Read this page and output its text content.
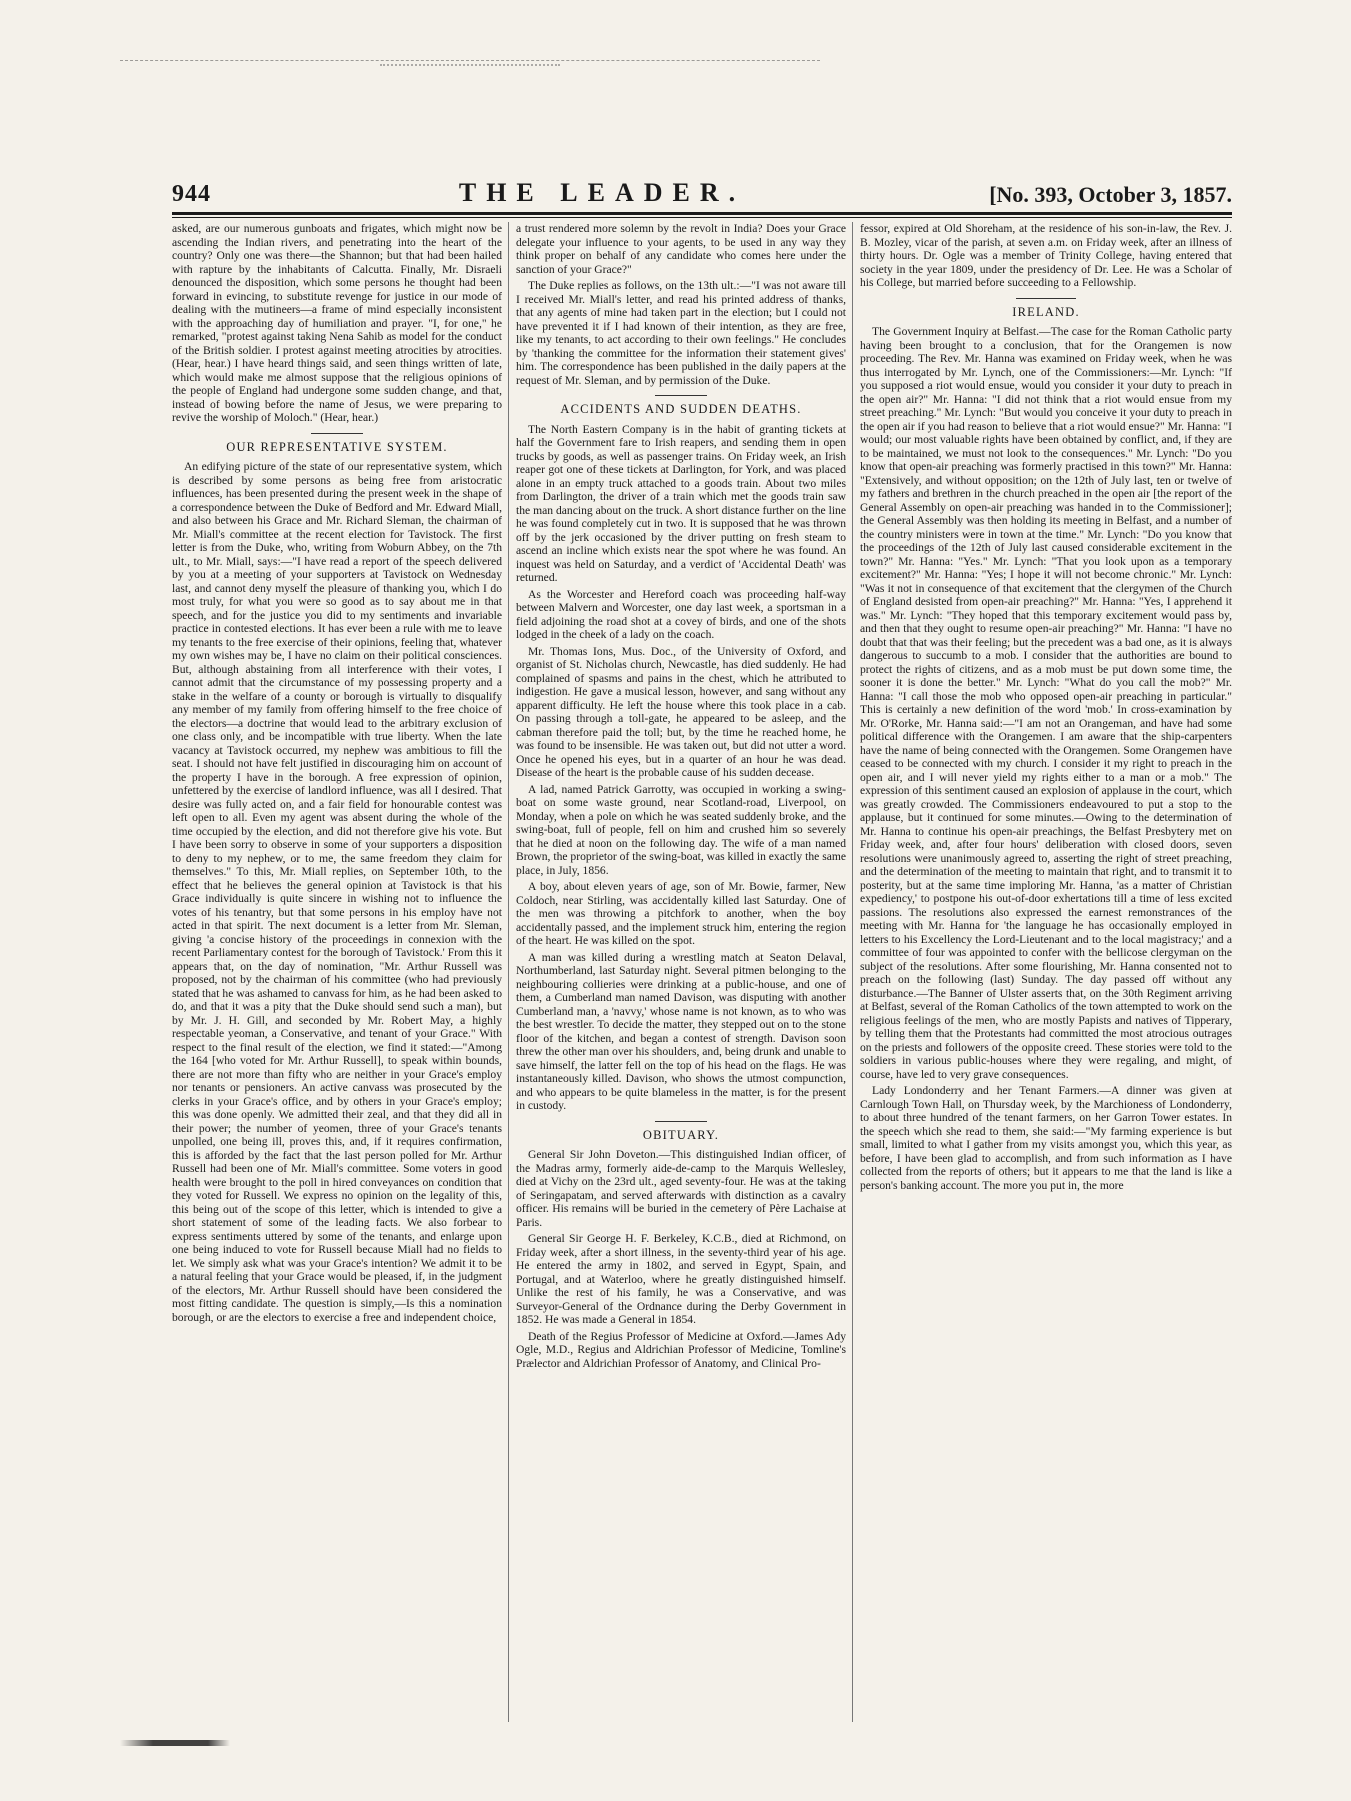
944	THE LEADER.	[No. 393, October 3, 1857.

asked, are our numerous gunboats and frigates, which might now be ascending the Indian rivers, and penetrating into the heart of the country? Only one was there—the Shannon; but that had been hailed with rapture by the inhabitants of Calcutta. Finally, Mr. Disraeli denounced the disposition, which some persons he thought had been forward in evincing, to substitute revenge for justice in our mode of dealing with the mutineers—a frame of mind especially inconsistent with the approaching day of humiliation and prayer. "I, for one," he remarked, "protest against taking Nena Sahib as model for the conduct of the British soldier. I protest against meeting atrocities by atrocities. (Hear, hear.) I have heard things said, and seen things written of late, which would make me almost suppose that the religious opinions of the people of England had undergone some sudden change, and that, instead of bowing before the name of Jesus, we were preparing to revive the worship of Moloch." (Hear, hear.)

OUR REPRESENTATIVE SYSTEM.

An edifying picture of the state of our representative system, which is described by some persons as being free from aristocratic influences, has been presented during the present week in the shape of a correspondence between the Duke of Bedford and Mr. Edward Miall, and also between his Grace and Mr. Richard Sleman, the chairman of Mr. Miall's committee at the recent election for Tavistock. The first letter is from the Duke, who, writing from Woburn Abbey, on the 7th ult., to Mr. Miall, says:—"I have read a report of the speech delivered by you at a meeting of your supporters at Tavistock on Wednesday last, and cannot deny myself the pleasure of thanking you, which I do most truly, for what you were so good as to say about me in that speech, and for the justice you did to my sentiments and invariable practice in contested elections. It has ever been a rule with me to leave my tenants to the free exercise of their opinions, feeling that, whatever my own wishes may be, I have no claim on their political consciences. But, although abstaining from all interference with their votes, I cannot admit that the circumstance of my possessing property and a stake in the welfare of a county or borough is virtually to disqualify any member of my family from offering himself to the free choice of the electors—a doctrine that would lead to the arbitrary exclusion of one class only, and be incompatible with true liberty. When the late vacancy at Tavistock occurred, my nephew was ambitious to fill the seat. I should not have felt justified in discouraging him on account of the property I have in the borough. A free expression of opinion, unfettered by the exercise of landlord influence, was all I desired. That desire was fully acted on, and a fair field for honourable contest was left open to all. Even my agent was absent during the whole of the time occupied by the election, and did not therefore give his vote. But I have been sorry to observe in some of your supporters a disposition to deny to my nephew, or to me, the same freedom they claim for themselves." To this, Mr. Miall replies, on September 10th, to the effect that he believes the general opinion at Tavistock is that his Grace individually is quite sincere in wishing not to influence the votes of his tenantry, but that some persons in his employ have not acted in that spirit. The next document is a letter from Mr. Sleman, giving 'a concise history of the proceedings in connexion with the recent Parliamentary contest for the borough of Tavistock.' From this it appears that, on the day of nomination, "Mr. Arthur Russell was proposed, not by the chairman of his committee (who had previously stated that he was ashamed to canvass for him, as he had been asked to do, and that it was a pity that the Duke should send such a man), but by Mr. J. H. Gill, and seconded by Mr. Robert May, a highly respectable yeoman, a Conservative, and tenant of your Grace." With respect to the final result of the election, we find it stated:—"Among the 164 [who voted for Mr. Arthur Russell], to speak within bounds, there are not more than fifty who are neither in your Grace's employ nor tenants or pensioners. An active canvass was prosecuted by the clerks in your Grace's office, and by others in your Grace's employ; this was done openly. We admitted their zeal, and that they did all in their power; the number of yeomen, three of your Grace's tenants unpolled, one being ill, proves this, and, if it requires confirmation, this is afforded by the fact that the last person polled for Mr. Arthur Russell had been one of Mr. Miall's committee. Some voters in good health were brought to the poll in hired conveyances on condition that they voted for Russell. We express no opinion on the legality of this, this being out of the scope of this letter, which is intended to give a short statement of some of the leading facts. We also forbear to express sentiments uttered by some of the tenants, and enlarge upon one being induced to vote for Russell because Miall had no fields to let. We simply ask what was your Grace's intention? We admit it to be a natural feeling that your Grace would be pleased, if, in the judgment of the electors, Mr. Arthur Russell should have been considered the most fitting candidate. The question is simply,—Is this a nomination borough, or are the electors to exercise a free and independent choice,

a trust rendered more solemn by the revolt in India? Does your Grace delegate your influence to your agents, to be used in any way they think proper on behalf of any candidate who comes here under the sanction of your Grace?"

The Duke replies as follows, on the 13th ult.:—"I was not aware till I received Mr. Miall's letter, and read his printed address of thanks, that any agents of mine had taken part in the election; but I could not have prevented it if I had known of their intention, as they are free, like my tenants, to act according to their own feelings." He concludes by 'thanking the committee for the information their statement gives' him. The correspondence has been published in the daily papers at the request of Mr. Sleman, and by permission of the Duke.

ACCIDENTS AND SUDDEN DEATHS.

The North Eastern Company is in the habit of granting tickets at half the Government fare to Irish reapers, and sending them in open trucks by goods, as well as passenger trains. On Friday week, an Irish reaper got one of these tickets at Darlington, for York, and was placed alone in an empty truck attached to a goods train. About two miles from Darlington, the driver of a train which met the goods train saw the man dancing about on the truck. A short distance further on the line he was found completely cut in two. It is supposed that he was thrown off by the jerk occasioned by the driver putting on fresh steam to ascend an incline which exists near the spot where he was found. An inquest was held on Saturday, and a verdict of 'Accidental Death' was returned.

As the Worcester and Hereford coach was proceeding half-way between Malvern and Worcester, one day last week, a sportsman in a field adjoining the road shot at a covey of birds, and one of the shots lodged in the cheek of a lady on the coach.

Mr. Thomas Ions, Mus. Doc., of the University of Oxford, and organist of St. Nicholas church, Newcastle, has died suddenly. He had complained of spasms and pains in the chest, which he attributed to indigestion. He gave a musical lesson, however, and sang without any apparent difficulty. He left the house where this took place in a cab. On passing through a toll-gate, he appeared to be asleep, and the cabman therefore paid the toll; but, by the time he reached home, he was found to be insensible. He was taken out, but did not utter a word. Once he opened his eyes, but in a quarter of an hour he was dead. Disease of the heart is the probable cause of his sudden decease.

A lad, named Patrick Garrotty, was occupied in working a swing-boat on some waste ground, near Scotland-road, Liverpool, on Monday, when a pole on which he was seated suddenly broke, and the swing-boat, full of people, fell on him and crushed him so severely that he died at noon on the following day. The wife of a man named Brown, the proprietor of the swing-boat, was killed in exactly the same place, in July, 1856.

A boy, about eleven years of age, son of Mr. Bowie, farmer, New Coldoch, near Stirling, was accidentally killed last Saturday. One of the men was throwing a pitchfork to another, when the boy accidentally passed, and the implement struck him, entering the region of the heart. He was killed on the spot.

A man was killed during a wrestling match at Seaton Delaval, Northumberland, last Saturday night. Several pitmen belonging to the neighbouring collieries were drinking at a public-house, and one of them, a Cumberland man named Davison, was disputing with another Cumberland man, a 'navvy,' whose name is not known, as to who was the best wrestler. To decide the matter, they stepped out on to the stone floor of the kitchen, and began a contest of strength. Davison soon threw the other man over his shoulders, and, being drunk and unable to save himself, the latter fell on the top of his head on the flags. He was instantaneously killed. Davison, who shows the utmost compunction, and who appears to be quite blameless in the matter, is for the present in custody.

OBITUARY.

General Sir John Doveton.—This distinguished Indian officer, of the Madras army, formerly aide-de-camp to the Marquis Wellesley, died at Vichy on the 23rd ult., aged seventy-four. He was at the taking of Seringapatam, and served afterwards with distinction as a cavalry officer. His remains will be buried in the cemetery of Père Lachaise at Paris.

General Sir George H. F. Berkeley, K.C.B., died at Richmond, on Friday week, after a short illness, in the seventy-third year of his age. He entered the army in 1802, and served in Egypt, Spain, and Portugal, and at Waterloo, where he greatly distinguished himself. Unlike the rest of his family, he was a Conservative, and was Surveyor-General of the Ordnance during the Derby Government in 1852. He was made a General in 1854.

Death of the Regius Professor of Medicine at Oxford.—James Ady Ogle, M.D., Regius and Aldrichian Professor of Medicine, Tomline's Prælector and Aldrichian Professor of Anatomy, and Clinical Pro-

fessor, expired at Old Shoreham, at the residence of his son-in-law, the Rev. J. B. Mozley, vicar of the parish, at seven a.m. on Friday week, after an illness of thirty hours. Dr. Ogle was a member of Trinity College, having entered that society in the year 1809, under the presidency of Dr. Lee. He was a Scholar of his College, but married before succeeding to a Fellowship.

IRELAND.

The Government Inquiry at Belfast.—The case for the Roman Catholic party having been brought to a conclusion, that for the Orangemen is now proceeding. The Rev. Mr. Hanna was examined on Friday week, when he was thus interrogated by Mr. Lynch, one of the Commissioners:—Mr. Lynch: "If you supposed a riot would ensue, would you consider it your duty to preach in the open air?" Mr. Hanna: "I did not think that a riot would ensue from my street preaching." Mr. Lynch: "But would you conceive it your duty to preach in the open air if you had reason to believe that a riot would ensue?" Mr. Hanna: "I would; our most valuable rights have been obtained by conflict, and, if they are to be maintained, we must not look to the consequences." Mr. Lynch: "Do you know that open-air preaching was formerly practised in this town?" Mr. Hanna: "Extensively, and without opposition; on the 12th of July last, ten or twelve of my fathers and brethren in the church preached in the open air [the report of the General Assembly on open-air preaching was handed in to the Commissioner]; the General Assembly was then holding its meeting in Belfast, and a number of the country ministers were in town at the time." Mr. Lynch: "Do you know that the proceedings of the 12th of July last caused considerable excitement in the town?" Mr. Hanna: "Yes." Mr. Lynch: "That you look upon as a temporary excitement?" Mr. Hanna: "Yes; I hope it will not become chronic." Mr. Lynch: "Was it not in consequence of that excitement that the clergymen of the Church of England desisted from open-air preaching?" Mr. Hanna: "Yes, I apprehend it was." Mr. Lynch: "They hoped that this temporary excitement would pass by, and then that they ought to resume open-air preaching?" Mr. Hanna: "I have no doubt that that was their feeling; but the precedent was a bad one, as it is always dangerous to succumb to a mob. I consider that the authorities are bound to protect the rights of citizens, and as a mob must be put down some time, the sooner it is done the better." Mr. Lynch: "What do you call the mob?" Mr. Hanna: "I call those the mob who opposed open-air preaching in particular." This is certainly a new definition of the word 'mob.' In cross-examination by Mr. O'Rorke, Mr. Hanna said:—"I am not an Orangeman, and have had some political difference with the Orangemen. I am aware that the ship-carpenters have the name of being connected with the Orangemen. Some Orangemen have ceased to be connected with my church. I consider it my right to preach in the open air, and I will never yield my rights either to a man or a mob." The expression of this sentiment caused an explosion of applause in the court, which was greatly crowded. The Commissioners endeavoured to put a stop to the applause, but it continued for some minutes.—Owing to the determination of Mr. Hanna to continue his open-air preachings, the Belfast Presbytery met on Friday week, and, after four hours' deliberation with closed doors, seven resolutions were unanimously agreed to, asserting the right of street preaching, and the determination of the meeting to maintain that right, and to transmit it to posterity, but at the same time imploring Mr. Hanna, 'as a matter of Christian expediency,' to postpone his out-of-door exhertations till a time of less excited passions. The resolutions also expressed the earnest remonstrances of the meeting with Mr. Hanna for 'the language he has occasionally employed in letters to his Excellency the Lord-Lieutenant and to the local magistracy;' and a committee of four was appointed to confer with the bellicose clergyman on the subject of the resolutions. After some flourishing, Mr. Hanna consented not to preach on the following (last) Sunday. The day passed off without any disturbance.—The Banner of Ulster asserts that, on the 30th Regiment arriving at Belfast, several of the Roman Catholics of the town attempted to work on the religious feelings of the men, who are mostly Papists and natives of Tipperary, by telling them that the Protestants had committed the most atrocious outrages on the priests and followers of the opposite creed. These stories were told to the soldiers in various public-houses where they were regaling, and might, of course, have led to very grave consequences.

Lady Londonderry and her Tenant Farmers.—A dinner was given at Carnlough Town Hall, on Thursday week, by the Marchioness of Londonderry, to about three hundred of the tenant farmers, on her Garron Tower estates. In the speech which she read to them, she said:—"My farming experience is but small, limited to what I gather from my visits amongst you, which this year, as before, I have been glad to accomplish, and from such information as I have collected from the reports of others; but it appears to me that the land is like a person's banking account. The more you put in, the more
